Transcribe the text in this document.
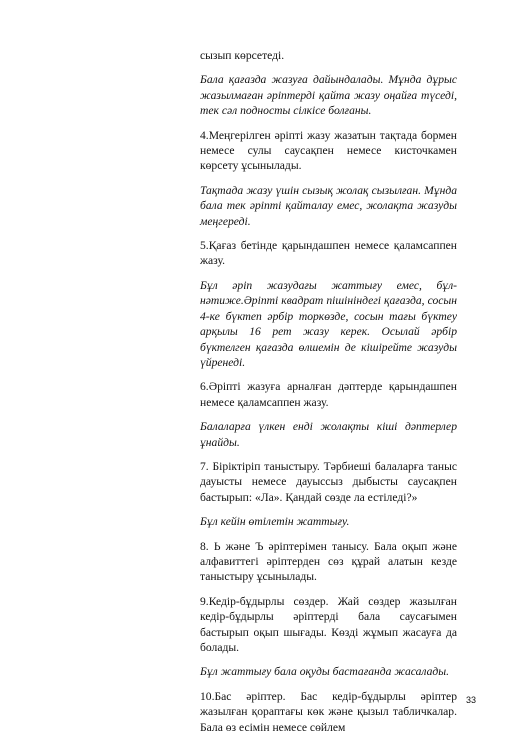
сызып көрсетеді.

Бала қағазда жазуға дайындалады. Мұнда дұрыс жазылмаған әріптерді қайта жазу оңайға түседі, тек сәл подносты сілкісе болғаны.

4.Меңгерілген әріпті жазу жазатын тақтада бормен немесе сулы саусақпен немесе кисточкамен көрсету ұсынылады.

Тақтада жазу үшін сызық жолақ сызылған. Мұнда бала тек әріпті қайталау емес, жолақта жазуды меңгереді.

5.Қағаз бетінде қарындашпен немесе қаламсаппен жазу.

Бұл әріп жазудағы жаттығу емес, бұл-нәтиже.Әріпті квадрат пішініндегі қағазда, сосын 4-ке бүктеп әрбір торкөзде, сосын тағы бүктеу арқылы 16 рет жазу керек. Осылай әрбір бүктелген қағазда өлшемін де кішірейте жазуды үйренеді.

6.Әріпті жазуға арналған дәптерде қарындашпен немесе қаламсаппен жазу.

Балаларға үлкен енді жолақты кіші дәптерлер ұнайды.

7. Біріктіріп таныстыру. Тәрбиеші балаларға таныс дауысты немесе дауыссыз дыбысты саусақпен бастырып: «Ла». Қандай сөзде ла естіледі?»

Бұл кейін өтілетін жаттығу.

8. Ь және Ъ әріптерімен танысу. Бала оқып және алфавиттегі әріптерден сөз құрай алатын кезде таныстыру ұсынылады.

9.Кедір-бұдырлы сөздер. Жай сөздер жазылған кедір-бұдырлы әріптерді бала саусағымен бастырып оқып шығады. Көзді жұмып жасауға да болады.

Бұл жаттығу бала оқуды бастағанда жасалады.

10.Бас әріптер. Бас кедір-бұдырлы әріптер жазылған қораптағы көк және қызыл табличкалар. Бала өз есімін немесе сөйлем

33
